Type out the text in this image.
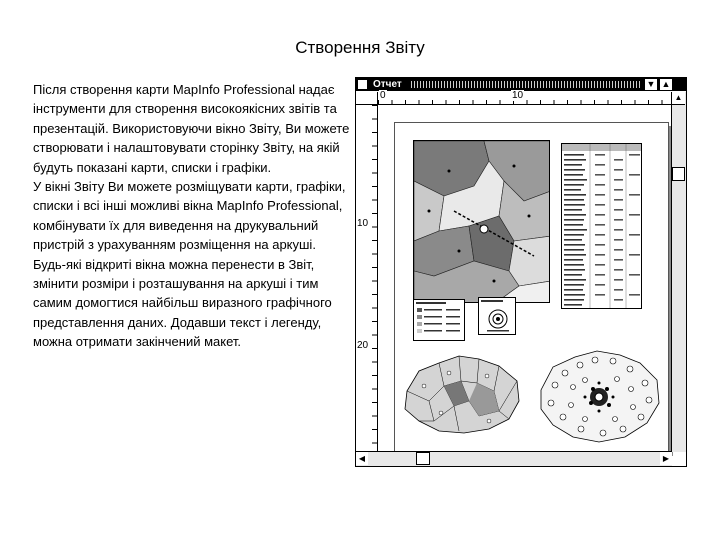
Створення Звіту

Після створення карти MapInfo Professional надає інструменти для створення високоякісних звітів та презентацій. Використовуючи вікно Звіту, Ви можете створювати і налаштовувати сторінку Звіту, на якій будуть показані карти, списки і графіки.

У вікні Звіту Ви можете розміщувати карти, графіки, списки і всі інші можливі вікна MapInfo Professional, комбінувати їх для виведення на друкувальний пристрій з урахуванням розміщення на аркуші. Будь-які відкриті вікна можна перенести в Звіт, змінити розміри і розташування на аркуші і тим самим домогтися найбільш виразного графічного представлення даних. Додавши текст і легенду, можна отримати закінчений макет.

Отчет	▼ ▲
0	10
10
20
▲
◀	▶
